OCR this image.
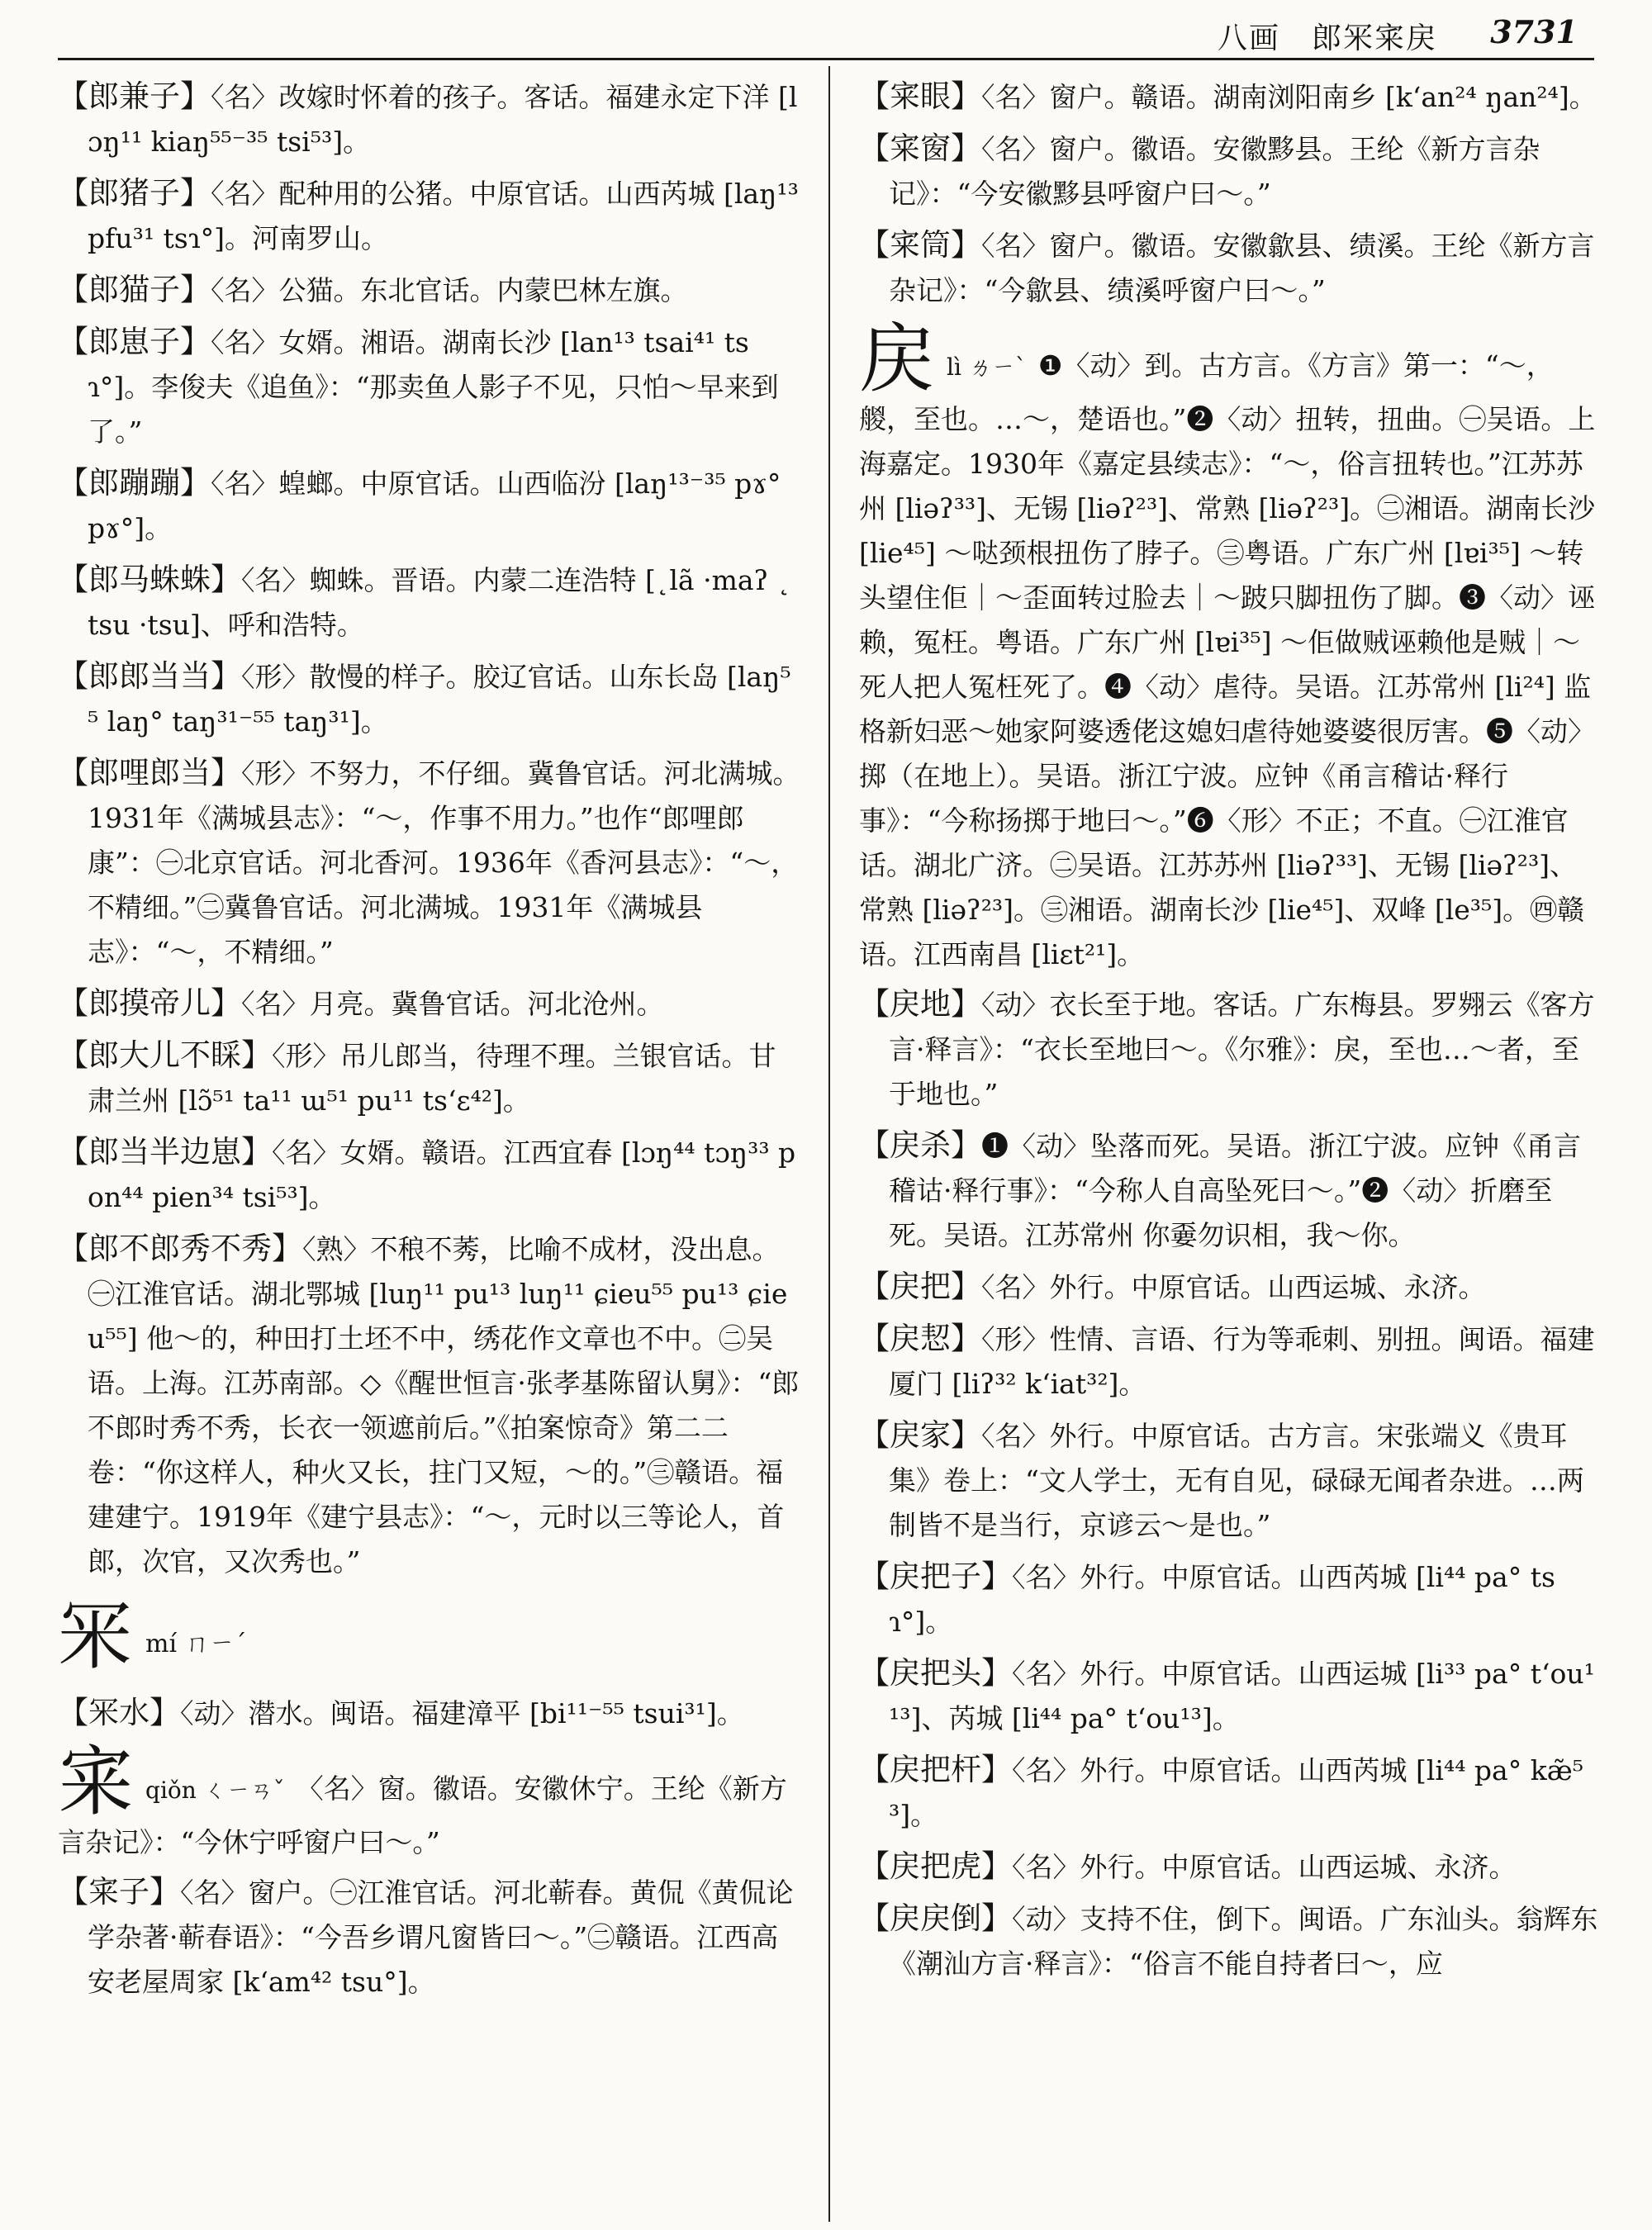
八画　郎冞宷戻 3731
【郎兼子】〈名〉改嫁时怀着的孩子。客话。福建永定下洋 [lɔŋ¹¹ kiaŋ⁵⁵⁻³⁵ tsi⁵³]。
【郎猪子】〈名〉配种用的公猪。中原官话。山西芮城 [laŋ¹³ pfu³¹ tsɿ°]。河南罗山。
【郎猫子】〈名〉公猫。东北官话。内蒙巴林左旗。
【郎崽子】〈名〉女婿。湘语。湖南长沙 [lan¹³ tsai⁴¹ tsɿ°]。李俊夫《追鱼》：“那卖鱼人影子不见，只怕～早来到了。”
【郎蹦蹦】〈名〉蝗螂。中原官话。山西临汾 [laŋ¹³⁻³⁵ pɤ° pɤ°]。
【郎马蛛蛛】〈名〉蜘蛛。晋语。内蒙二连浩特 [˛lã ·maʔ ˛tsu ·tsu]、呼和浩特。
【郎郎当当】〈形〉散慢的样子。胶辽官话。山东长岛 [laŋ⁵⁵ laŋ° taŋ³¹⁻⁵⁵ taŋ³¹]。
【郎哩郎当】〈形〉不努力，不仔细。冀鲁官话。河北满城。1931年《满城县志》：“～，作事不用力。”也作“郎哩郎康”：㊀北京官话。河北香河。1936年《香河县志》：“～，不精细。”㊁冀鲁官话。河北满城。1931年《满城县志》：“～，不精细。”
【郎摸帝儿】〈名〉月亮。冀鲁官话。河北沧州。
【郎大儿不睬】〈形〉吊儿郎当，待理不理。兰银官话。甘肃兰州 [lɔ̃⁵¹ ta¹¹ ɯ⁵¹ pu¹¹ ts‘ɛ⁴²]。
【郎当半边崽】〈名〉女婿。赣语。江西宜春 [lɔŋ⁴⁴ tɔŋ³³ pon⁴⁴ pien³⁴ tsi⁵³]。
【郎不郎秀不秀】〈熟〉不稂不莠，比喻不成材，没出息。㊀江淮官话。湖北鄂城 [luŋ¹¹ pu¹³ luŋ¹¹ ɕieu⁵⁵ pu¹³ ɕieu⁵⁵] 他～的，种田打土坯不中，绣花作文章也不中。㊁吴语。上海。江苏南部。◇《醒世恒言·张孝基陈留认舅》：“郎不郎时秀不秀，长衣一领遮前后。”《拍案惊奇》第二二卷：“你这样人，种火又长，拄门又短，～的。”㊂赣语。福建建宁。1919年《建宁县志》：“～，元时以三等论人，首郎，次官，又次秀也。”
冞mí ㄇㄧˊ
【冞水】〈动〉潜水。闽语。福建漳平 [bi¹¹⁻⁵⁵ tsui³¹]。
宷qiǒn ㄑㄧㄢˇ 〈名〉窗。徽语。安徽休宁。王纶《新方言杂记》：“今休宁呼窗户曰～。”
【宷子】〈名〉窗户。㊀江淮官话。河北蕲春。黄侃《黄侃论学杂著·蕲春语》：“今吾乡谓凡窗皆曰～。”㊁赣语。江西高安老屋周家 [k‘am⁴² tsu°]。
【宷眼】〈名〉窗户。赣语。湖南浏阳南乡 [k‘an²⁴ ŋan²⁴]。
【宷窗】〈名〉窗户。徽语。安徽黟县。王纶《新方言杂记》：“今安徽黟县呼窗户曰～。”
【宷筒】〈名〉窗户。徽语。安徽歙县、绩溪。王纶《新方言杂记》：“今歙县、绩溪呼窗户曰～。”
戻lì ㄌㄧˋ ❶〈动〉到。古方言。《方言》第一：“～，艐，至也。…～，楚语也。”❷〈动〉扭转，扭曲。㊀吴语。上海嘉定。1930年《嘉定县续志》：“～，俗言扭转也。”江苏苏州 [liəʔ³³]、无锡 [liəʔ²³]、常熟 [liəʔ²³]。㊁湘语。湖南长沙 [lie⁴⁵] ～哒颈根扭伤了脖子。㊂粤语。广东广州 [lɐi³⁵] ～转头望住佢｜～歪面转过脸去｜～跛只脚扭伤了脚。❸〈动〉诬赖，冤枉。粤语。广东广州 [lɐi³⁵] ～佢做贼诬赖他是贼｜～死人把人冤枉死了。❹〈动〉虐待。吴语。江苏常州 [li²⁴] 监格新妇恶～她家阿婆透佬这媳妇虐待她婆婆很厉害。❺〈动〉掷（在地上）。吴语。浙江宁波。应钟《甬言稽诂·释行事》：“今称扬掷于地曰～。”❻〈形〉不正；不直。㊀江淮官话。湖北广济。㊁吴语。江苏苏州 [liəʔ³³]、无锡 [liəʔ²³]、常熟 [liəʔ²³]。㊂湘语。湖南长沙 [lie⁴⁵]、双峰 [le³⁵]。㊃赣语。江西南昌 [liɛt²¹]。
【戻地】〈动〉衣长至于地。客话。广东梅县。罗翙云《客方言·释言》：“衣长至地曰～。《尔雅》：戾，至也…～者，至于地也。”
【戻杀】❶〈动〉坠落而死。吴语。浙江宁波。应钟《甬言稽诂·释行事》：“今称人自高坠死曰～。”❷〈动〉折磨至死。吴语。江苏常州 你嫑勿识相，我～你。
【戻把】〈名〉外行。中原官话。山西运城、永济。
【戻恝】〈形〉性情、言语、行为等乖刺、别扭。闽语。福建厦门 [liʔ³² k‘iat³²]。
【戻家】〈名〉外行。中原官话。古方言。宋张端义《贵耳集》卷上：“文人学士，无有自见，碌碌无闻者杂进。…两制皆不是当行，京谚云～是也。”
【戻把子】〈名〉外行。中原官话。山西芮城 [li⁴⁴ pa° tsɿ°]。
【戻把头】〈名〉外行。中原官话。山西运城 [li³³ pa° t‘ou¹¹³]、芮城 [li⁴⁴ pa° t‘ou¹³]。
【戻把杆】〈名〉外行。中原官话。山西芮城 [li⁴⁴ pa° kæ̃⁵³]。
【戻把虎】〈名〉外行。中原官话。山西运城、永济。
【戻戻倒】〈动〉支持不住，倒下。闽语。广东汕头。翁辉东《潮汕方言·释言》：“俗言不能自持者曰～，应
